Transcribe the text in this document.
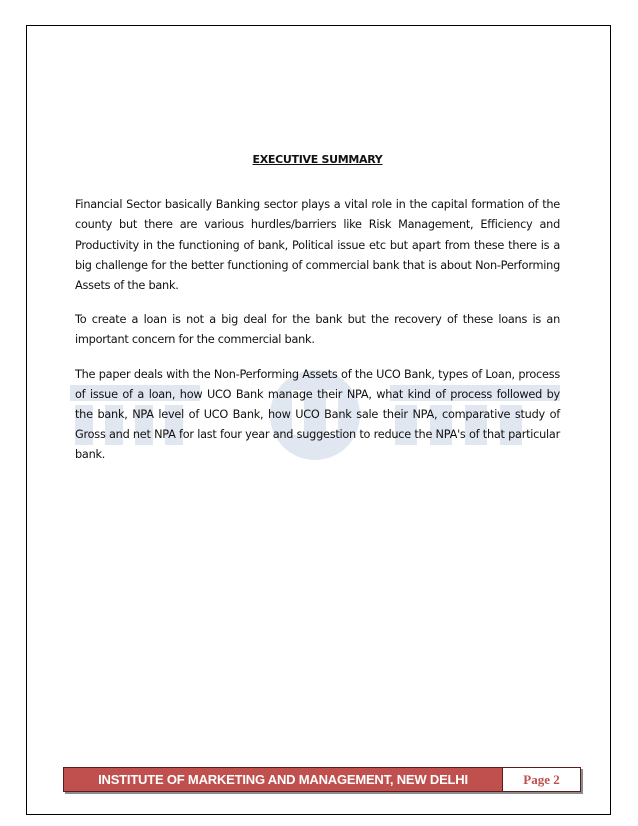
EXECUTIVE SUMMARY

Financial Sector basically Banking sector plays a vital role in the capital formation of the county but there are various hurdles/barriers like Risk Management, Efficiency and Productivity in the functioning of bank, Political issue etc but apart from these there is a big challenge for the better functioning of commercial bank that is about Non-Performing Assets of the bank.

To create a loan is not a big deal for the bank but the recovery of these loans is an important concern for the commercial bank.

The paper deals with the Non-Performing Assets of the UCO Bank, types of Loan, process of issue of a loan, how UCO Bank manage their NPA, what kind of process followed by the bank, NPA level of UCO Bank, how UCO Bank sale their NPA, comparative study of Gross and net NPA for last four year and suggestion to reduce the NPA's of that particular bank.

INSTITUTE OF MARKETING AND MANAGEMENT, NEW DELHI	Page 2
